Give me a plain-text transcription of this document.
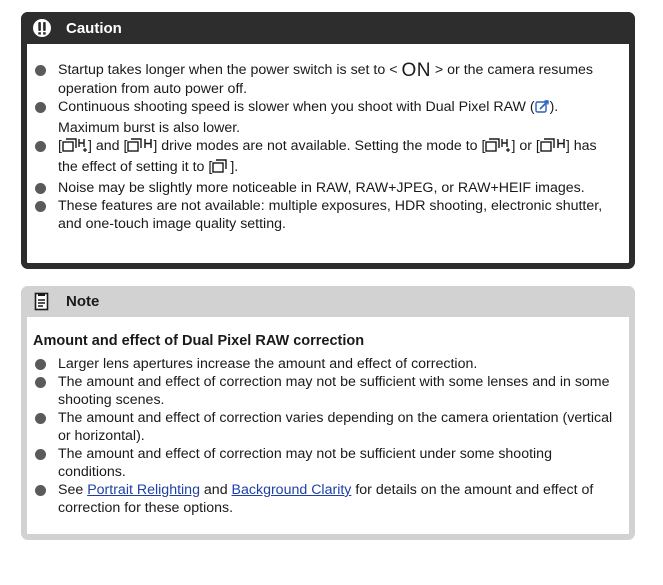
Caution
Startup takes longer when the power switch is set to < ON > or the camera resumes operation from auto power off.
Continuous shooting speed is slower when you shoot with Dual Pixel RAW ( ). Maximum burst is also lower.
[ ] and [ ] drive modes are not available. Setting the mode to [ ] or [ ] has the effect of setting it to [ ].
Noise may be slightly more noticeable in RAW, RAW+JPEG, or RAW+HEIF images.
These features are not available: multiple exposures, HDR shooting, electronic shutter, and one-touch image quality setting.
Note
Amount and effect of Dual Pixel RAW correction
Larger lens apertures increase the amount and effect of correction.
The amount and effect of correction may not be sufficient with some lenses and in some shooting scenes.
The amount and effect of correction varies depending on the camera orientation (vertical or horizontal).
The amount and effect of correction may not be sufficient under some shooting conditions.
See Portrait Relighting and Background Clarity for details on the amount and effect of correction for these options.
